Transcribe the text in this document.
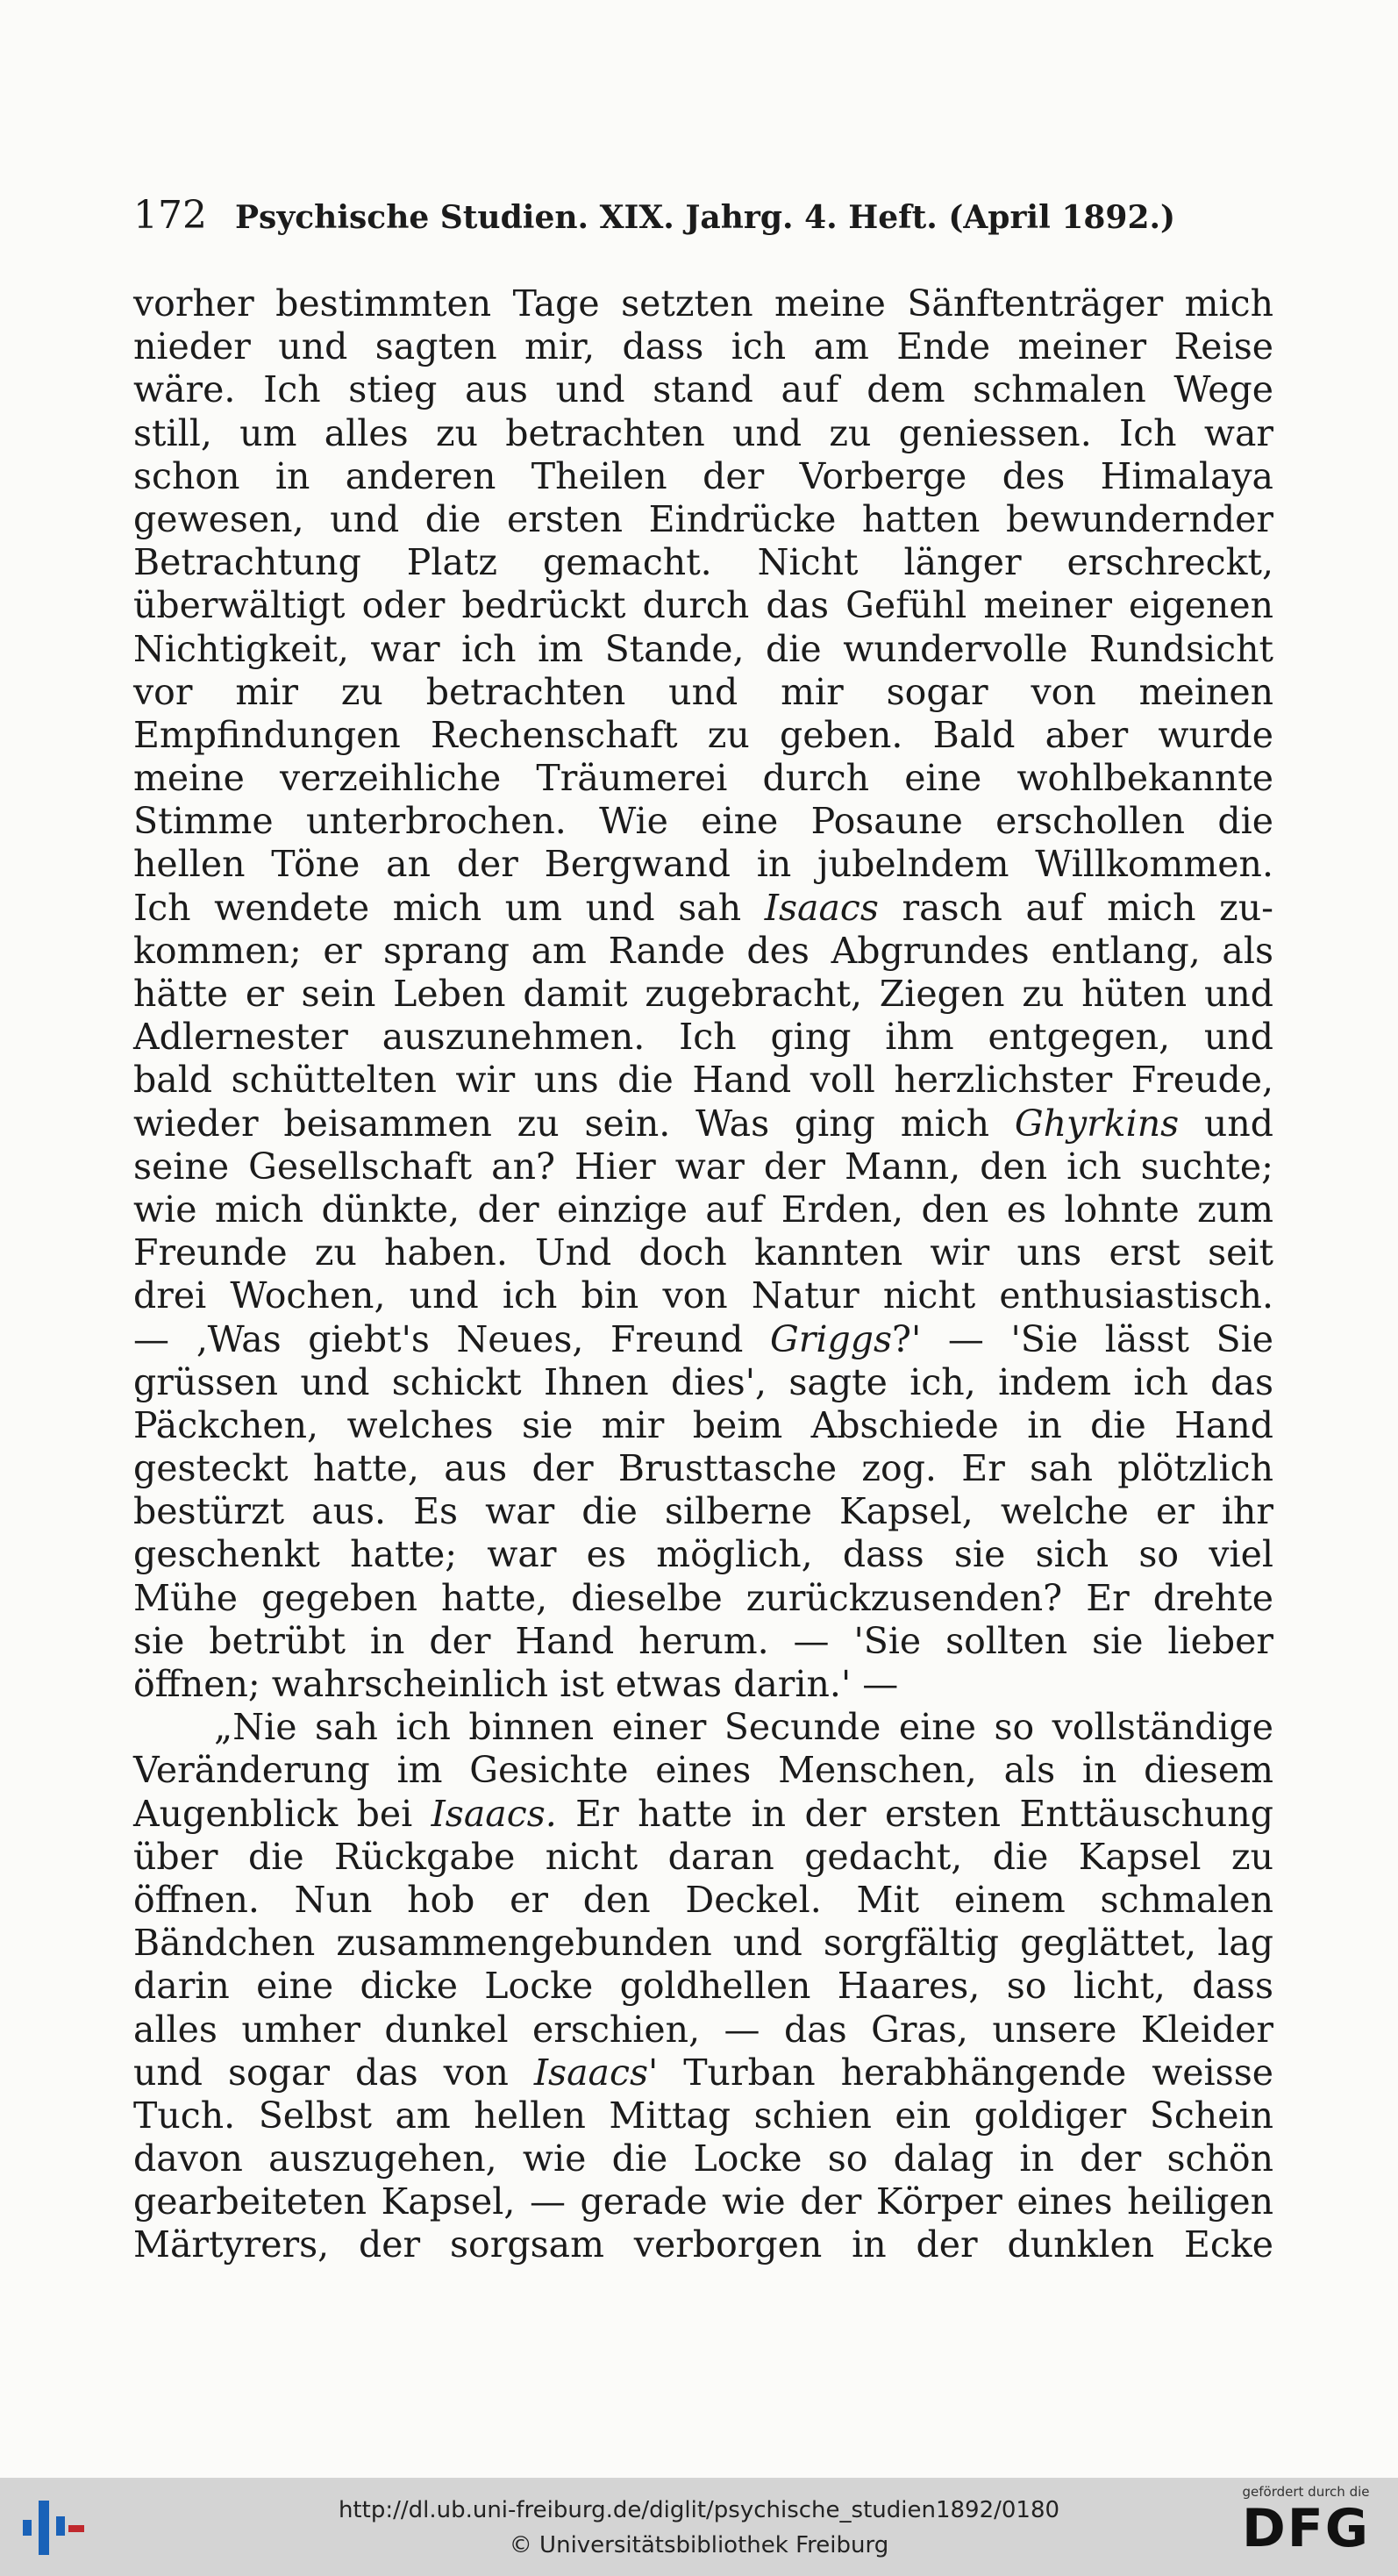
172 Psychische Studien. XIX. Jahrg. 4. Heft. (April 1892.)
vorher bestimmten Tage setzten meine Sänftenträger mich
nieder und sagten mir, dass ich am Ende meiner Reise
wäre. Ich stieg aus und stand auf dem schmalen Wege
still, um alles zu betrachten und zu geniessen. Ich war
schon in anderen Theilen der Vorberge des Himalaya
gewesen, und die ersten Eindrücke hatten bewundernder
Betrachtung Platz gemacht. Nicht länger erschreckt,
überwältigt oder bedrückt durch das Gefühl meiner eigenen
Nichtigkeit, war ich im Stande, die wundervolle Rundsicht
vor mir zu betrachten und mir sogar von meinen
Empfindungen Rechenschaft zu geben. Bald aber wurde
meine verzeihliche Träumerei durch eine wohlbekannte
Stimme unterbrochen. Wie eine Posaune erschollen die
hellen Töne an der Bergwand in jubelndem Willkommen.
Ich wendete mich um und sah Isaacs rasch auf mich zu-
kommen; er sprang am Rande des Abgrundes entlang, als
hätte er sein Leben damit zugebracht, Ziegen zu hüten und
Adlernester auszunehmen. Ich ging ihm entgegen, und
bald schüttelten wir uns die Hand voll herzlichster Freude,
wieder beisammen zu sein. Was ging mich Ghyrkins und
seine Gesellschaft an? Hier war der Mann, den ich suchte;
wie mich dünkte, der einzige auf Erden, den es lohnte zum
Freunde zu haben. Und doch kannten wir uns erst seit
drei Wochen, und ich bin von Natur nicht enthusiastisch.
— ‚Was giebt's Neues, Freund Griggs?' — 'Sie lässt Sie
grüssen und schickt Ihnen dies', sagte ich, indem ich das
Päckchen, welches sie mir beim Abschiede in die Hand
gesteckt hatte, aus der Brusttasche zog. Er sah plötzlich
bestürzt aus. Es war die silberne Kapsel, welche er ihr
geschenkt hatte; war es möglich, dass sie sich so viel
Mühe gegeben hatte, dieselbe zurückzusenden? Er drehte
sie betrübt in der Hand herum. — 'Sie sollten sie lieber
öffnen; wahrscheinlich ist etwas darin.' —
„Nie sah ich binnen einer Secunde eine so vollständige
Veränderung im Gesichte eines Menschen, als in diesem
Augenblick bei Isaacs. Er hatte in der ersten Enttäuschung
über die Rückgabe nicht daran gedacht, die Kapsel zu
öffnen. Nun hob er den Deckel. Mit einem schmalen
Bändchen zusammengebunden und sorgfältig geglättet, lag
darin eine dicke Locke goldhellen Haares, so licht, dass
alles umher dunkel erschien, — das Gras, unsere Kleider
und sogar das von Isaacs' Turban herabhängende weisse
Tuch. Selbst am hellen Mittag schien ein goldiger Schein
davon auszugehen, wie die Locke so dalag in der schön
gearbeiteten Kapsel, — gerade wie der Körper eines heiligen
Märtyrers, der sorgsam verborgen in der dunklen Ecke
http://dl.ub.uni-freiburg.de/diglit/psychische_studien1892/0180
© Universitätsbibliothek Freiburg
gefördert durch die
DFG
